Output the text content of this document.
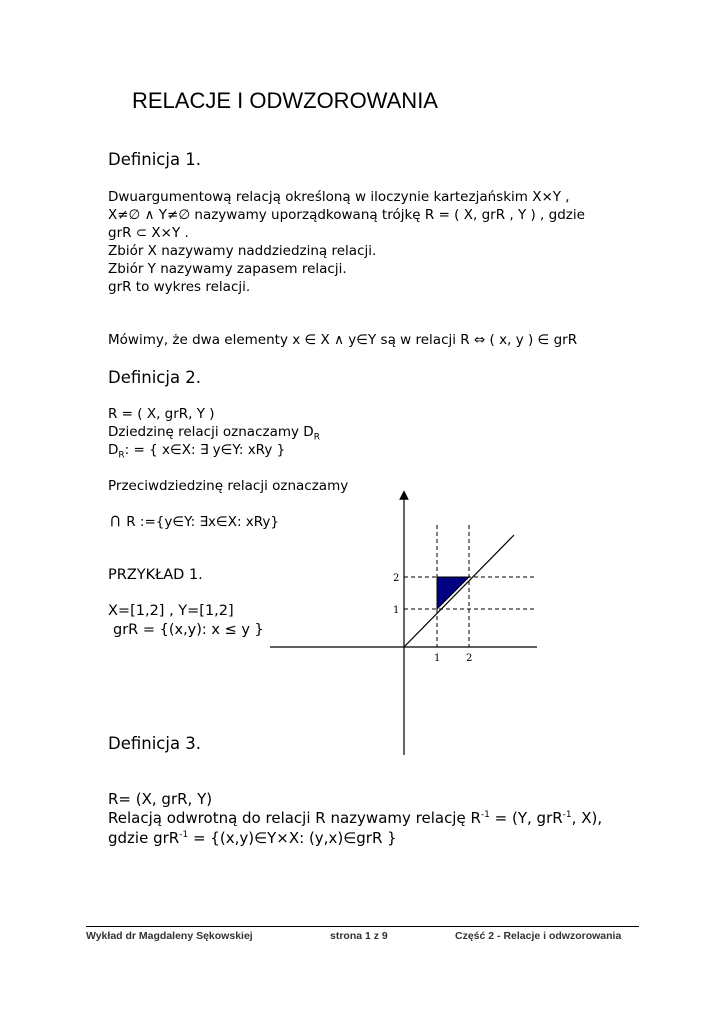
RELACJE I ODWZOROWANIA
Definicja 1.
Dwuargumentową relacją określoną w iloczynie kartezjańskim X×Y ,
X≠∅ ∧ Y≠∅ nazywamy uporządkowaną trójkę R = ( X, grR , Y ) , gdzie
grR ⊂ X×Y .
Zbiór X nazywamy naddziedziną relacji.
Zbiór Y nazywamy zapasem relacji.
grR to wykres relacji.
Mówimy, że dwa elementy x ∈ X ∧ y∈Y są w relacji R ⇔ ( x, y ) ∈ grR
Definicja 2.
R = ( X, grR, Y )
Dziedzinę relacji oznaczamy $D_R$
$D_R$: = { x∈X: ∃ y∈Y: xRy }
Przeciwdziedzinę relacji oznaczamy
⊂R :={y∈Y: ∃x∈X: xRy}
PRZYKŁAD 1.
X=[1,2] , Y=[1,2]
grR = {(x,y): x ≤ y }
2
1
1	2
Definicja 3.
R= (X, grR, Y)
Relacją odwrotną do relacji R nazywamy relację $R^{-1} = (Y$, grR$^{-1}$, X),
gdzie grR$^{-1}$ = {(x,y)∈Y×X: (y,x)∈grR }
Wykład dr Magdaleny Sękowskiej	strona 1 z 9	Część 2 - Relacje i odwzorowania
